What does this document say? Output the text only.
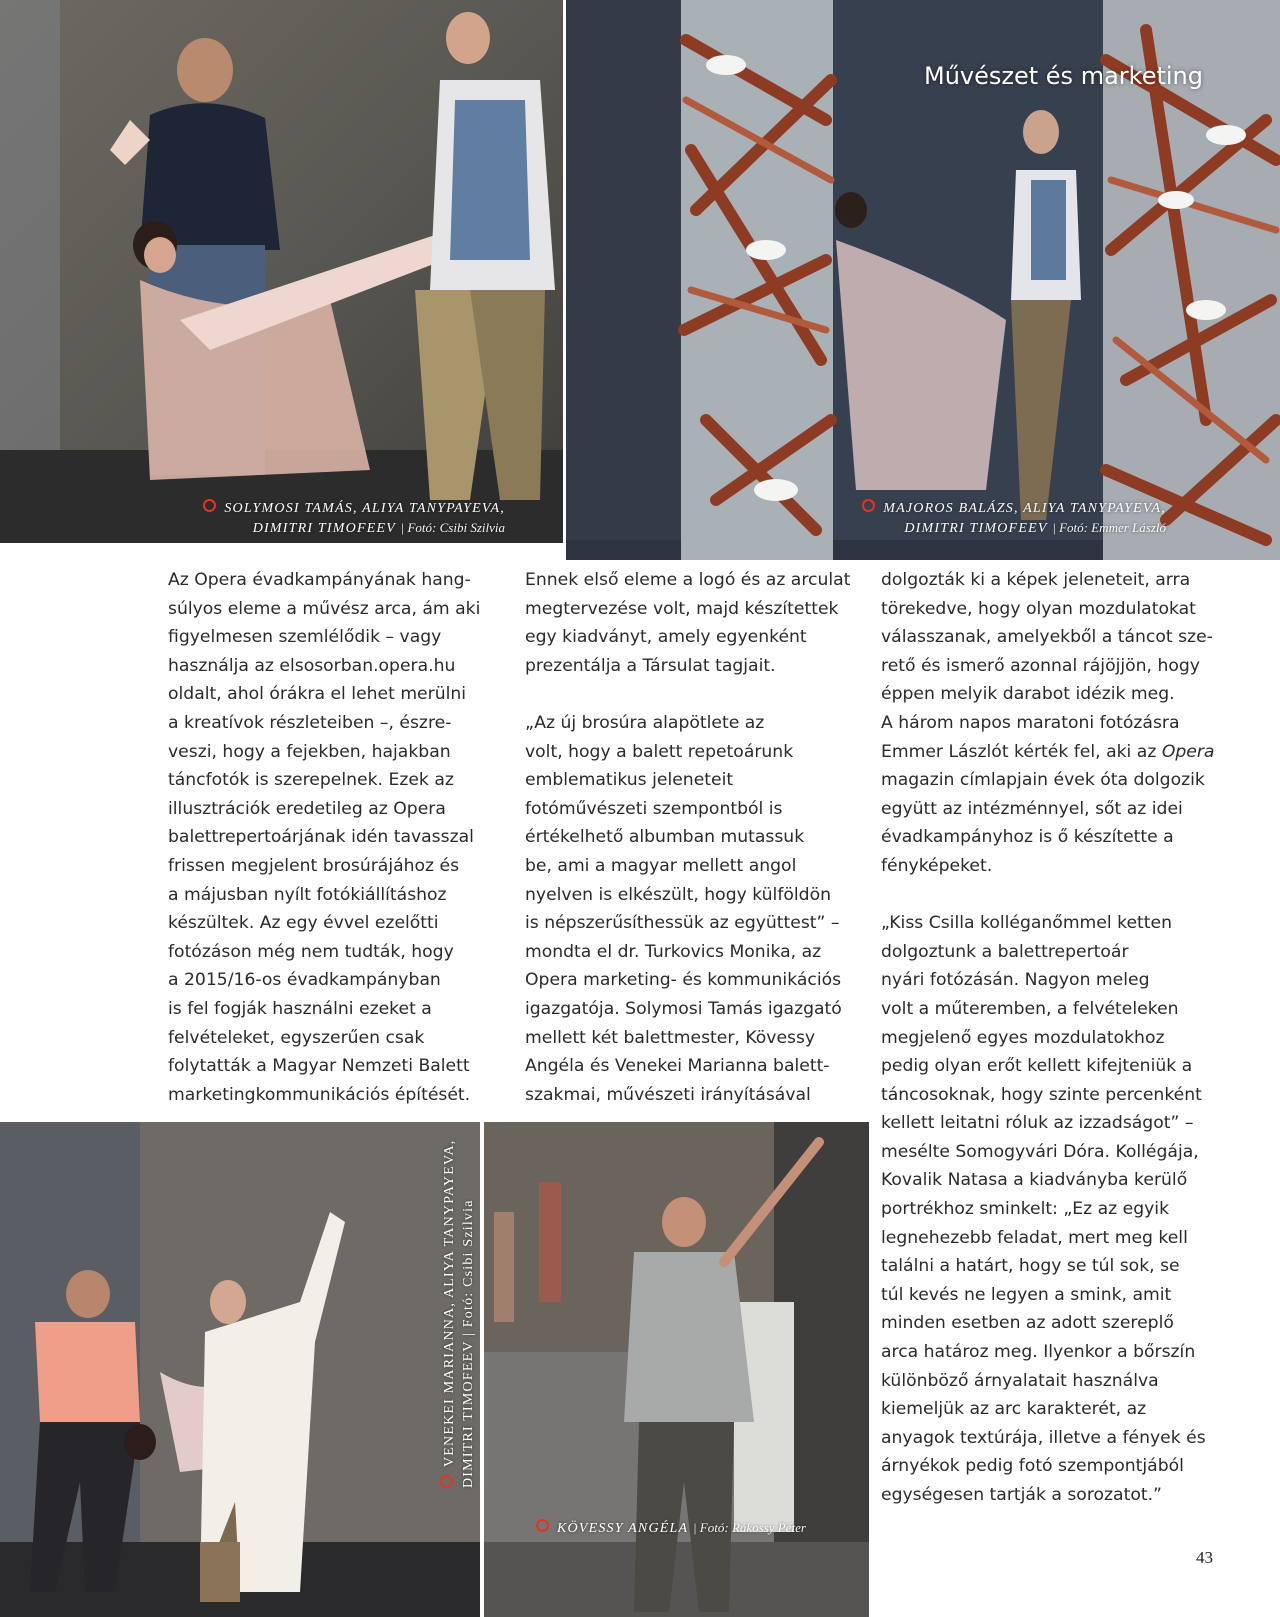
SOLYMOSI TAMÁS, ALIYA TANYPAYEVA,
DIMITRI TIMOFEEV | Fotó: Csibi Szilvia
Művészet és marketing
MAJOROS BALÁZS, ALIYA TANYPAYEVA,
DIMITRI TIMOFEEV | Fotó: Emmer László

Az Opera évadkampányának hang-
súlyos eleme a művész arca, ám aki
figyelmesen szemlélődik – vagy
használja az elsosorban.opera.hu
oldalt, ahol órákra el lehet merülni
a kreatívok részleteiben –, észre-
veszi, hogy a fejekben, hajakban
táncfotók is szerepelnek. Ezek az
illusztrációk eredetileg az Opera
balettrepertoárjának idén tavasszal
frissen megjelent brosúrájához és
a májusban nyílt fotókiállításhoz
készültek. Az egy évvel ezelőtti
fotózáson még nem tudták, hogy
a 2015/16-os évadkampányban
is fel fogják használni ezeket a
felvételeket, egyszerűen csak
folytatták a Magyar Nemzeti Balett
marketingkommunikációs építését.

Ennek első eleme a logó és az arculat
megtervezése volt, majd készítettek
egy kiadványt, amely egyenként
prezentálja a Társulat tagjait.

„Az új brosúra alapötlete az
volt, hogy a balett repetoárunk
emblematikus jeleneteit
fotóművészeti szempontból is
értékelhető albumban mutassuk
be, ami a magyar mellett angol
nyelven is elkészült, hogy külföldön
is népszerűsíthessük az együttest” –
mondta el dr. Turkovics Monika, az
Opera marketing- és kommunikációs
igazgatója. Solymosi Tamás igazgató
mellett két balettmester, Kövessy
Angéla és Venekei Marianna balett-
szakmai, művészeti irányításával

dolgozták ki a képek jeleneteit, arra
törekedve, hogy olyan mozdulatokat
válasszanak, amelyekből a táncot sze-
rető és ismerő azonnal rájöjjön, hogy
éppen melyik darabot idézik meg.
A három napos maratoni fotózásra
Emmer Lászlót kérték fel, aki az Opera
magazin címlapjain évek óta dolgozik
együtt az intézménnyel, sőt az idei
évadkampányhoz is ő készítette a
fényképeket.

„Kiss Csilla kolléganőmmel ketten
dolgoztunk a balettrepertoár
nyári fotózásán. Nagyon meleg
volt a műteremben, a felvételeken
megjelenő egyes mozdulatokhoz
pedig olyan erőt kellett kifejteniük a
táncosoknak, hogy szinte percenként
kellett leitatni róluk az izzadságot” –
mesélte Somogyvári Dóra. Kollégája,
Kovalik Natasa a kiadványba kerülő
portrékhoz sminkelt: „Ez az egyik
legnehezebb feladat, mert meg kell
találni a határt, hogy se túl sok, se
túl kevés ne legyen a smink, amit
minden esetben az adott szereplő
arca határoz meg. Ilyenkor a bőrszín
különböző árnyalatait használva
kiemeljük az arc karakterét, az
anyagok textúrája, illetve a fények és
árnyékok pedig fotó szempontjából
egységesen tartják a sorozatot.”

VENEKEI MARIANNA, ALIYA TANYPAYEVA, DIMITRI TIMOFEEV | Fotó: Csibi Szilvia
KÖVESSY ANGÉLA | Fotó: Rákossy Péter
43
